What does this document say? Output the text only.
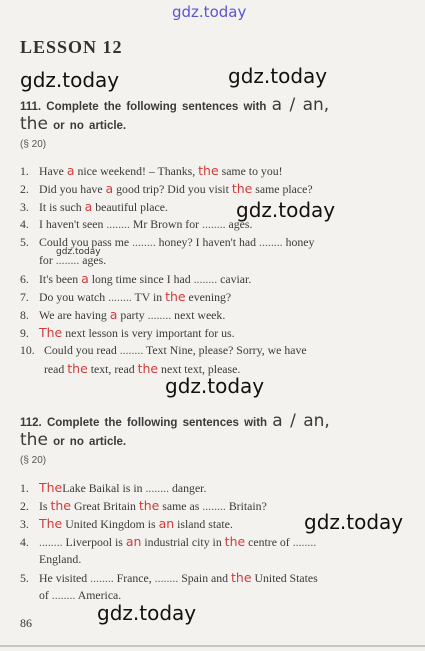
gdz.today
gdz.today	gdz.today
gdz.today
gdz.today
gdz.today
gdz.today
gdz.today
LESSON 12
111. Complete the following sentences with a / an,
the or no article.
(§ 20)
1. Have a nice weekend! – Thanks, the same to you!
2. Did you have a good trip? Did you visit the same place?
3. It is such a beautiful place.
4. I haven't seen ........ Mr Brown for ........ ages.
5. Could you pass me ........ honey? I haven't had ........ honey
for ........ ages.
6. It's been a long time since I had ........ caviar.
7. Do you watch ........ TV in the evening?
8. We are having a party ........ next week.
9. The next lesson is very important for us.
10. Could you read ........ Text Nine, please? Sorry, we have
read the text, read the next text, please.
112. Complete the following sentences with a / an,
the or no article.
(§ 20)
1. TheLake Baikal is in ........ danger.
2. Is the Great Britain the same as ........ Britain?
3. The United Kingdom is an island state.
4. ........ Liverpool is an industrial city in the centre of ........
England.
5. He visited ........ France, ........ Spain and the United States
of ........ America.
86
